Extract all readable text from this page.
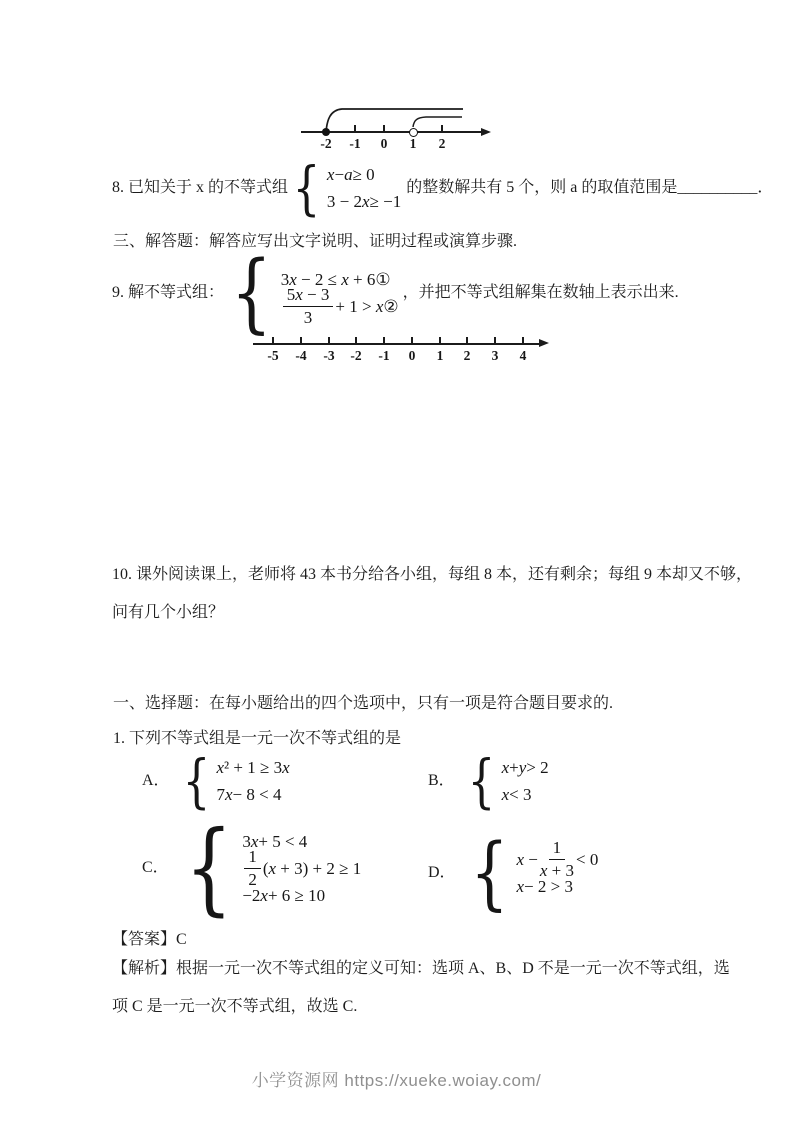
-2	-1	0	1	2
8. 已知关于 x 的不等式组 { x − a ≥ 0
3 − 2 x ≥ −1
的整数解共有 5 个，则 a 的取值范围是 __________ ．
三、解答题：解答应写出文字说明、证明过程或演算步骤.
9. 解不等式组： { 3x − 2 ≤ x + 6 ①
$\frac{5x - 3}{3} + 1 > x$ ②
，并把不等式组解集在数轴上表示出来.
-5	-4	-3	-2	-1	0	1	2	3	4
10. 课外阅读课上，老师将 43 本书分给各小组，每组 8 本，还有剩余；每组 9 本却又不够，
问有几个小组？
一、选择题：在每小题给出的四个选项中，只有一项是符合题目要求的.
1. 下列不等式组是一元一次不等式组的是
A． { x ² + 1 ≥ 3 x
7 x − 8 < 4
B． { x + y > 2
x < 3
C． { 3 x + 5 < 4
$\frac{1}{2} (x + 3) + 2 \ge 1$
−2 x + 6 ≥ 10
D． { $x - \frac{1}{x + 3} < 0$
x − 2 > 3
【答案】C
【解析】根据一元一次不等式组的定义可知：选项 A、B、D 不是一元一次不等式组，选
项 C 是一元一次不等式组，故选 C.
小学资源网 https://xueke.woiay.com/
